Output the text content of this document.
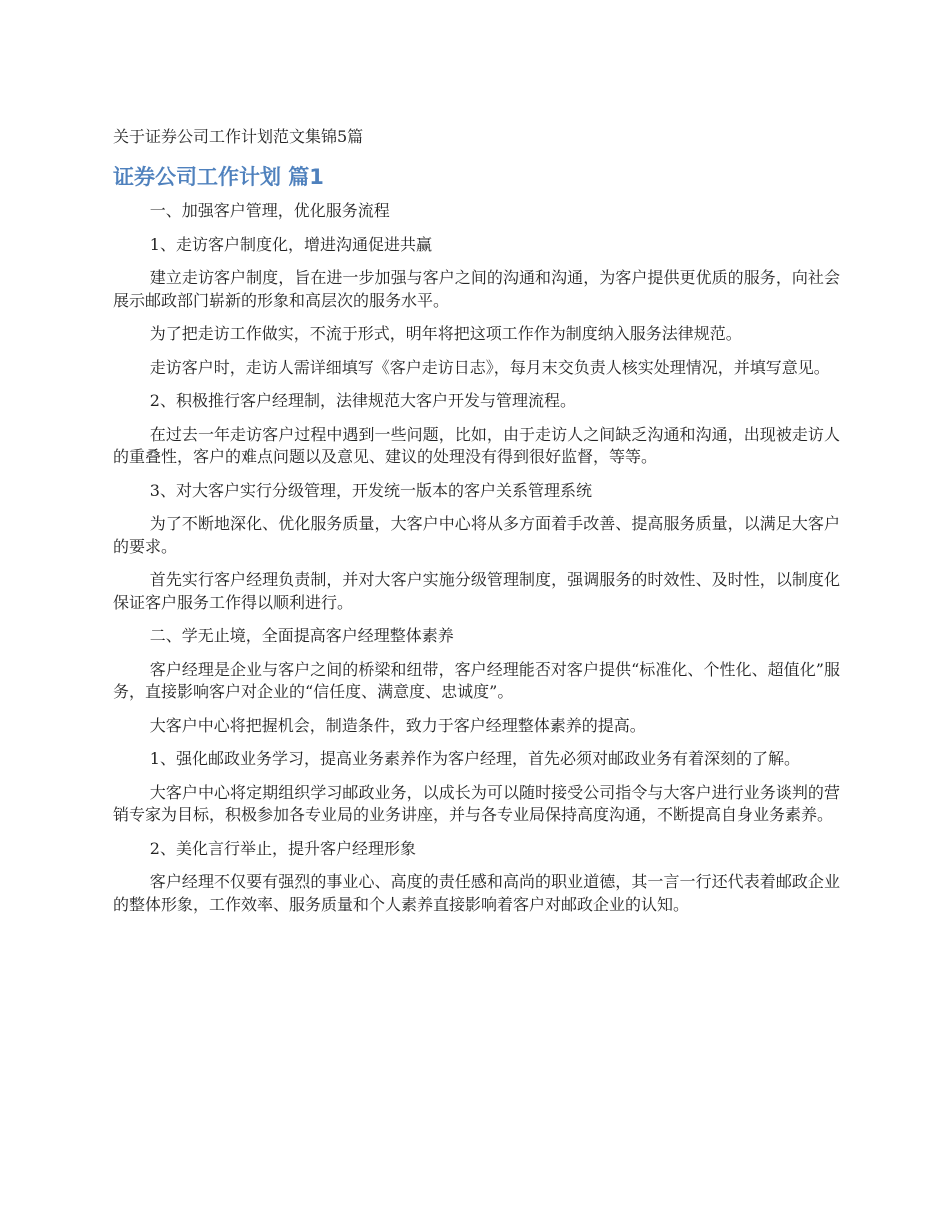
关于证券公司工作计划范文集锦5篇
证券公司工作计划 篇1

一、加强客户管理，优化服务流程

1、走访客户制度化，增进沟通促进共赢

建立走访客户制度，旨在进一步加强与客户之间的沟通和沟通，为客户提供更优质的服务，向社会展示邮政部门崭新的形象和高层次的服务水平。

为了把走访工作做实，不流于形式，明年将把这项工作作为制度纳入服务法律规范。

走访客户时，走访人需详细填写《客户走访日志》，每月末交负责人核实处理情况，并填写意见。

2、积极推行客户经理制，法律规范大客户开发与管理流程。

在过去一年走访客户过程中遇到一些问题，比如，由于走访人之间缺乏沟通和沟通，出现被走访人的重叠性，客户的难点问题以及意见、建议的处理没有得到很好监督，等等。

3、对大客户实行分级管理，开发统一版本的客户关系管理系统

为了不断地深化、优化服务质量，大客户中心将从多方面着手改善、提高服务质量，以满足大客户的要求。

首先实行客户经理负责制，并对大客户实施分级管理制度，强调服务的时效性、及时性，以制度化保证客户服务工作得以顺利进行。

二、学无止境，全面提高客户经理整体素养

客户经理是企业与客户之间的桥梁和纽带，客户经理能否对客户提供“标准化、个性化、超值化”服务，直接影响客户对企业的“信任度、满意度、忠诚度”。

大客户中心将把握机会，制造条件，致力于客户经理整体素养的提高。

1、强化邮政业务学习，提高业务素养作为客户经理，首先必须对邮政业务有着深刻的了解。

大客户中心将定期组织学习邮政业务，以成长为可以随时接受公司指令与大客户进行业务谈判的营销专家为目标，积极参加各专业局的业务讲座，并与各专业局保持高度沟通，不断提高自身业务素养。

2、美化言行举止，提升客户经理形象

客户经理不仅要有强烈的事业心、高度的责任感和高尚的职业道德，其一言一行还代表着邮政企业的整体形象，工作效率、服务质量和个人素养直接影响着客户对邮政企业的认知。
